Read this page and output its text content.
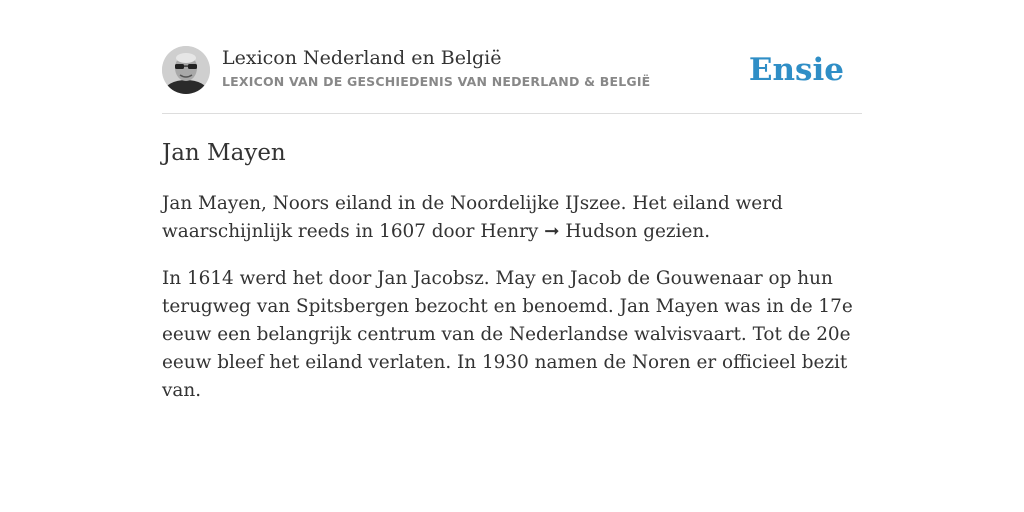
Lexicon Nederland en België
LEXICON VAN DE GESCHIEDENIS VAN NEDERLAND & BELGIË	Ensie
Jan Mayen

Jan Mayen, Noors eiland in de Noordelijke IJszee. Het eiland werd waarschijnlijk reeds in 1607 door Henry ➞ Hudson gezien.

In 1614 werd het door Jan Jacobsz. May en Jacob de Gouwenaar op hun terugweg van Spitsbergen bezocht en benoemd. Jan Mayen was in de 17e eeuw een belangrijk centrum van de Nederlandse walvisvaart. Tot de 20e eeuw bleef het eiland verlaten. In 1930 namen de Noren er officieel bezit van.
